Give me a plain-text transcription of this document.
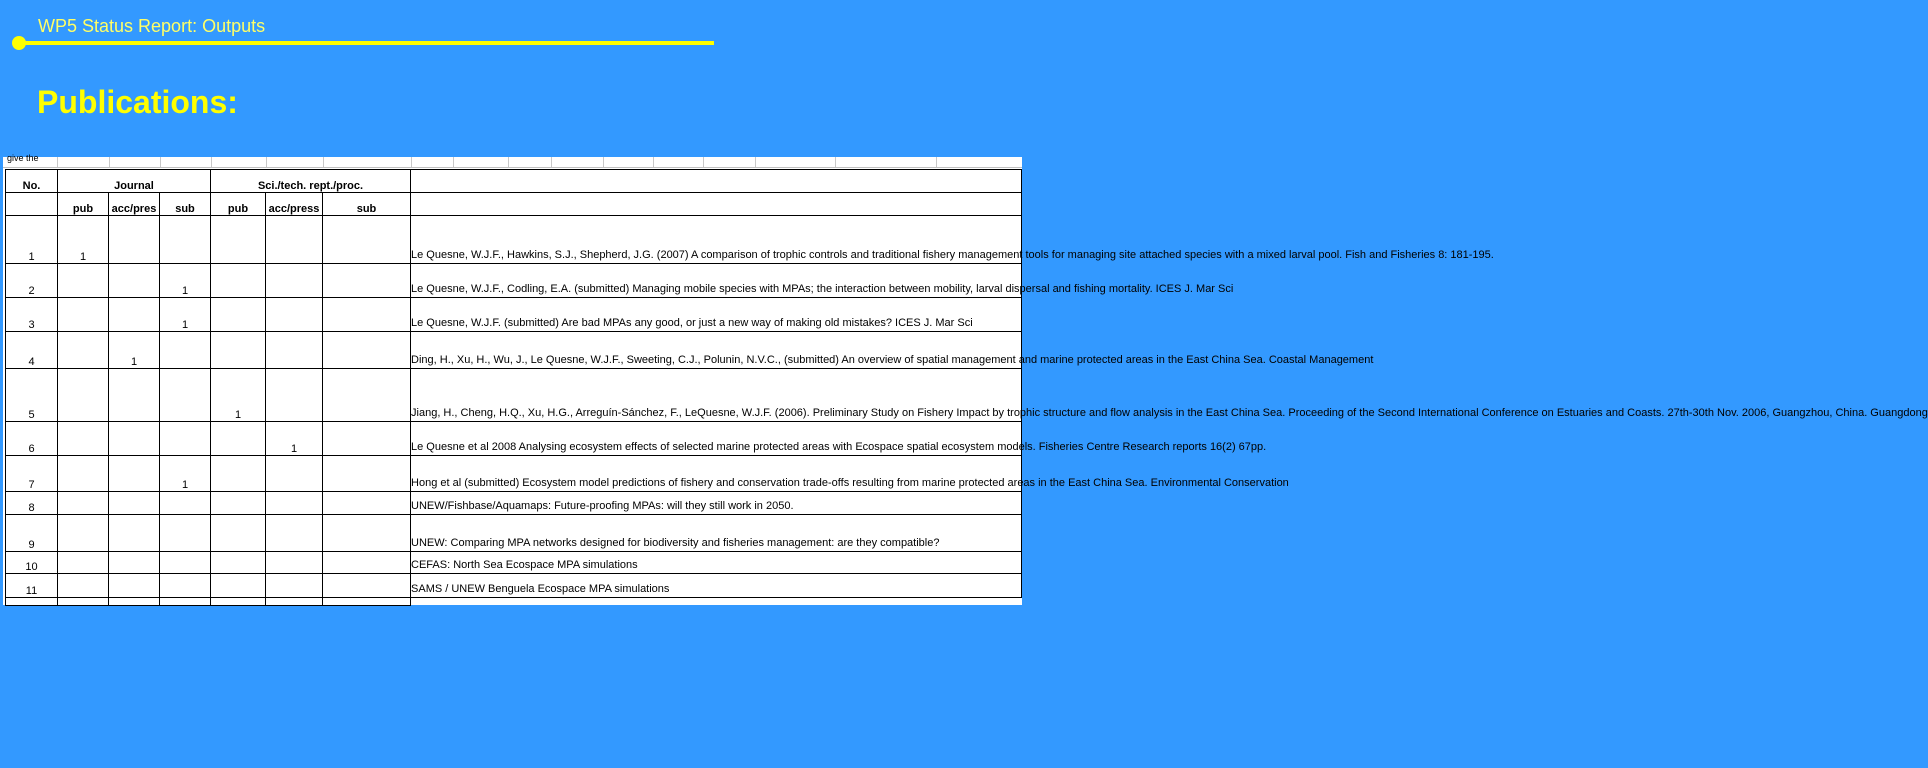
WP5 Status Report: Outputs
Publications:
give the
No.	Journal			Sci./tech. rept./proc.			
	pub	acc/pres	sub	pub	acc/press	sub	
1	1						Le Quesne, W.J.F., Hawkins, S.J., Shepherd, J.G. (2007) A comparison of trophic controls and traditional fishery management tools for managing site attached species with a mixed larval pool. Fish and Fisheries 8: 181-195.
2			1				Le Quesne, W.J.F., Codling, E.A. (submitted) Managing mobile species with MPAs; the interaction between mobility, larval dispersal and fishing mortality. ICES J. Mar Sci
3			1				Le Quesne, W.J.F. (submitted) Are bad MPAs any good, or just a new way of making old mistakes? ICES J. Mar Sci
4		1					Ding, H., Xu, H., Wu, J., Le Quesne, W.J.F., Sweeting, C.J., Polunin, N.V.C., (submitted) An overview of spatial management and marine protected areas in the East China Sea. Coastal Management
5				1			Jiang, H., Cheng, H.Q., Xu, H.G., Arreguín-Sánchez, F., LeQuesne, W.J.F. (2006). Preliminary Study on Fishery Impact by trophic structure and flow analysis in the East China Sea. Proceeding of the Second International Conference on Estuaries and Coasts. 27th-30th Nov. 2006, Guangzhou, China. Guangdong
6					1		Le Quesne et al 2008 Analysing ecosystem effects of selected marine protected areas with Ecospace spatial ecosystem models. Fisheries Centre Research reports 16(2) 67pp.
7			1				Hong et al (submitted) Ecosystem model predictions of fishery and conservation trade-offs resulting from marine protected areas in the East China Sea. Environmental Conservation
8							UNEW/Fishbase/Aquamaps: Future-proofing MPAs: will they still work in 2050.
9							UNEW: Comparing MPA networks designed for biodiversity and fisheries management: are they compatible?
10							CEFAS: North Sea Ecospace MPA simulations
11							SAMS / UNEW Benguela Ecospace MPA simulations
